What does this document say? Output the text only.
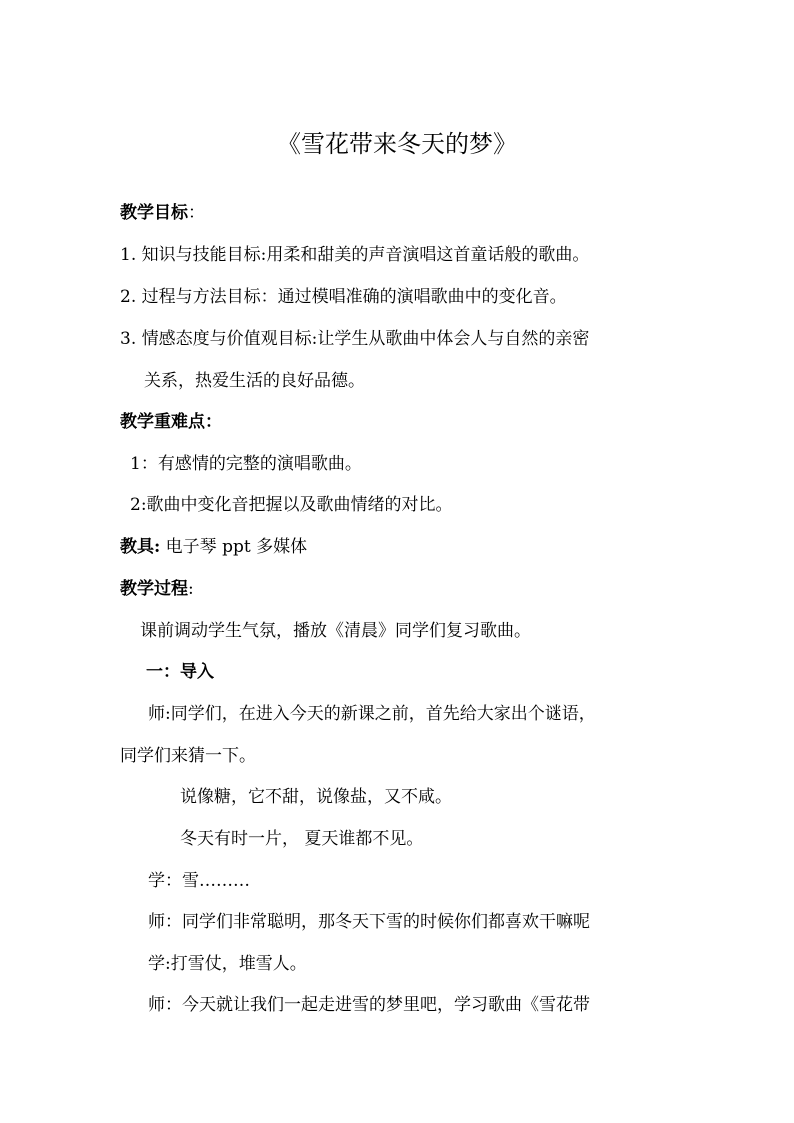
《雪花带来冬天的梦》
教学目标：
1. 知识与技能目标:用柔和甜美的声音演唱这首童话般的歌曲。
2. 过程与方法目标：通过模唱准确的演唱歌曲中的变化音。
3. 情感态度与价值观目标:让学生从歌曲中体会人与自然的亲密
关系，热爱生活的良好品德。
教学重难点：
1：有感情的完整的演唱歌曲。
2:歌曲中变化音把握以及歌曲情绪的对比。
教具: 电子琴 ppt 多媒体
教学过程:
课前调动学生气氛，播放《清晨》同学们复习歌曲。
一：导入
师:同学们，在进入今天的新课之前，首先给大家出个谜语，
同学们来猜一下。
说像糖，它不甜，说像盐，又不咸。
冬天有时一片， 夏天谁都不见。
学：雪………
师：同学们非常聪明，那冬天下雪的时候你们都喜欢干嘛呢
学:打雪仗，堆雪人。
师：今天就让我们一起走进雪的梦里吧，学习歌曲《雪花带
